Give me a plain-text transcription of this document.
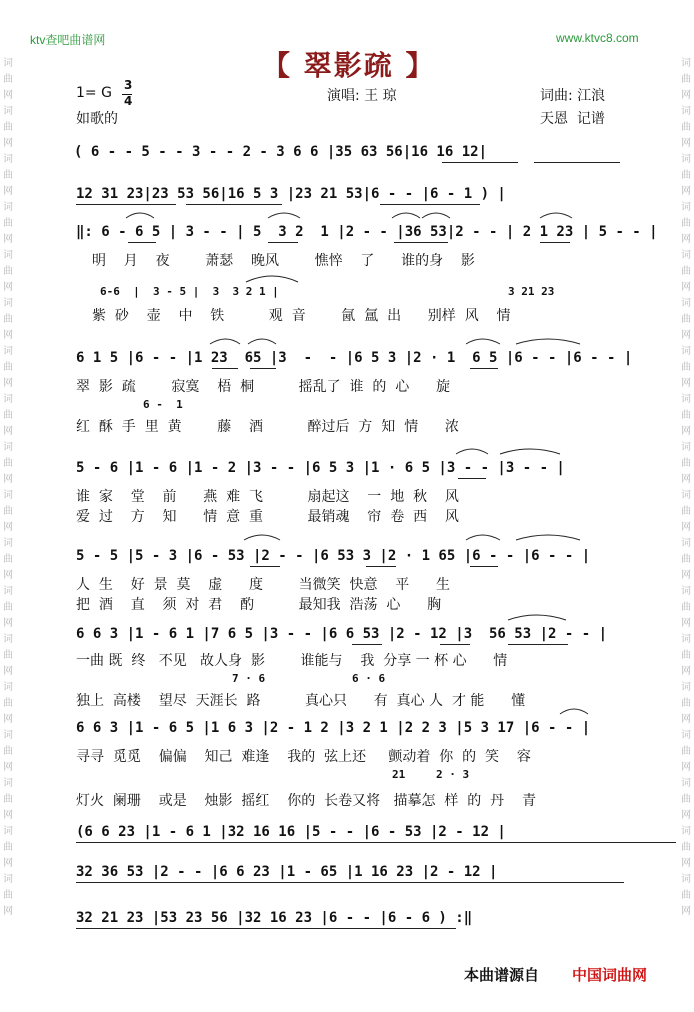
词
曲
网
词
曲
网
词
曲
网
词
曲
网
词
曲
网
词
曲
网
词
曲
网
词
曲
网
词
曲
网
词
曲
网
词
曲
网
词
曲
网
词
曲
网
词
曲
网
词
曲
网
词
曲
网
词
曲
网
词
曲
网
词
曲
网
词
曲
网
词
曲
网
词
曲
网
词
曲
网
词
曲
网
词
曲
网
词
曲
网
词
曲
网
词
曲
网
词
曲
网
词
曲
网
词
曲
网
词
曲
网
词
曲
网
词
曲
网
词
曲
网
词
曲
网
ktv查吧曲谱网	www.ktvc8.com
【 翠影疏 】
1= G 3
4	演唱: 王 琼	词曲: 江浪
如歌的	天恩  记谱
( 6 - - 5 - - 3 - - 2 - 3 6 6 |35 63 56|16 16 12|
12 31 23|23 53 56|16 5 3 |23 21 53|6 - - |6 - 1 ) |
‖: 6 - 6 5 | 3 - - | 5  3 2  1 |2 - - |36 53|2 - - | 2 1 23 | 5 - - |
6 1 5 |6 - - |1 23  65 |3  -  - |6 5 3 |2 · 1  6 5 |6 - - |6 - - |
5 - 6 |1 - 6 |1 - 2 |3 - - |6 5 3 |1 · 6 5 |3 - - |3 - - |
5 - 5 |5 - 3 |6 - 53 |2 - - |6 53 3 |2 · 1 65 |6 - - |6 - - |
6 6 3 |1 - 6 1 |7 6 5 |3 - - |6 6 53 |2 - 12 |3  56 53 |2 - - |
6 6 3 |1 - 6 5 |1 6 3 |2 - 1 2 |3 2 1 |2 2 3 |5 3 17 |6 - - |
(6 6 23 |1 - 6 1 |32 16 16 |5 - - |6 - 53 |2 - 12 |
32 36 53 |2 - - |6 6 23 |1 - 65 |1 16 23 |2 - 12 |
32 21 23 |53 23 56 |32 16 23 |6 - - |6 - 6 ) :‖
明    月    夜        萧瑟    晚风        憔悴    了      谁的身    影
6-6  |  3 - 5 |  3  3 2 1 |	3 21 23
紫  砂    壶    中    铁          观  音        氤  氲  出      别样  风    情
翠  影  疏        寂寞    梧  桐          摇乱了  谁  的  心      旋
6 -  1
红  酥  手  里  黄        藤    酒          醉过后  方  知  情      浓
谁  家    堂    前      燕  难  飞          扇起这    一  地  秋    风
爱  过    方    知      情  意  重          最销魂    帘  卷  西    风
人  生    好  景  莫    虚      度        当微笑  快意    平      生
把  酒    直    须  对  君    酌          最知我  浩荡  心      胸
一曲 既  终   不见   故人身  影        谁能与    我  分享 一 杯 心      情
7 · 6	6 · 6
独上  高楼    望尽  天涯长  路          真心只      有  真心 人  才 能      懂
寻寻  觅觅    偏偏    知己  难逢    我的  弦上还     颤动着  你  的  笑    容
21	2 · 3
灯火  阑珊    或是    烛影  摇红    你的  长卷又将   描摹怎  样  的  丹    青
本曲谱源自 中国词曲网
